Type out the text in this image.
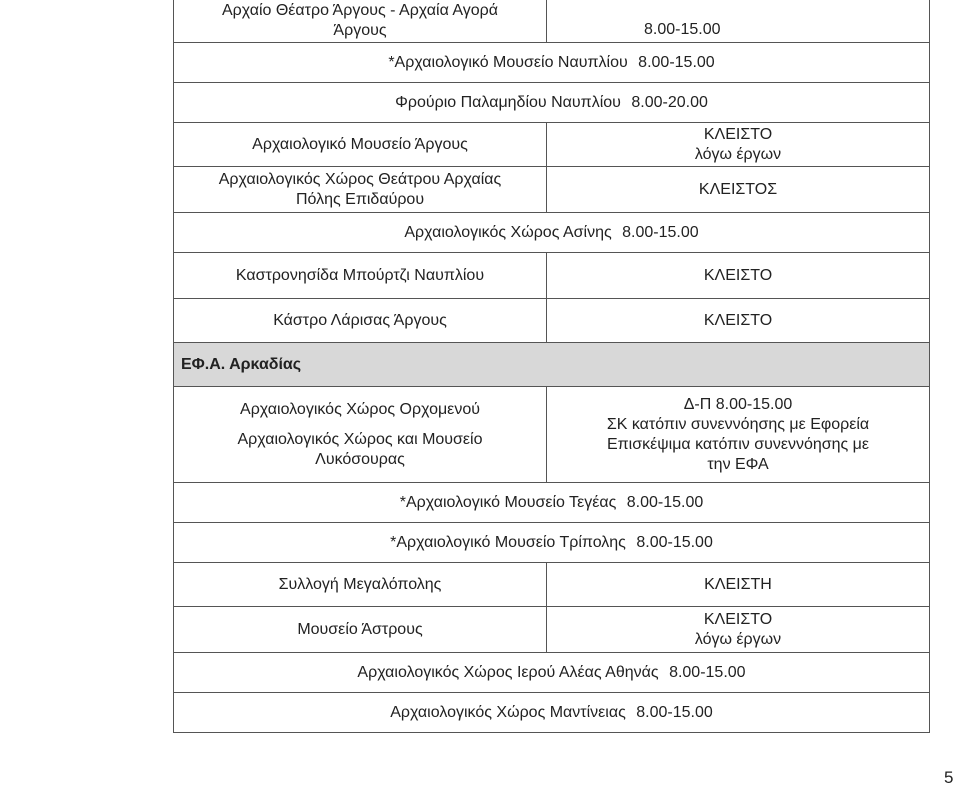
Αρχαίο Θέατρο Άργους - Αρχαία Αγορά
Άργους	8.00-15.00

*Αρχαιολογικό Μουσείο Ναυπλίου 8.00-15.00	
Φρούριο Παλαμηδίου Ναυπλίου 8.00-20.00	

Αρχαιολογικό Μουσείο Άργους	ΚΛΕΙΣΤΟ
λόγω έργων

Αρχαιολογικός Χώρος Θεάτρου Αρχαίας
Πόλης Επιδαύρου	ΚΛΕΙΣΤΟΣ

Αρχαιολογικός Χώρος Ασίνης 8.00-15.00	

Καστρονησίδα Μπούρτζι Ναυπλίου	ΚΛΕΙΣΤΟ

Κάστρο Λάρισας Άργους	ΚΛΕΙΣΤΟ

ΕΦ.Α. Αρκαδίας	

Αρχαιολογικός Χώρος Ορχομενού
Αρχαιολογικός Χώρος και Μουσείο
Λυκόσουρας	Δ-Π 8.00-15.00
ΣΚ κατόπιν συνεννόησης με Εφορεία
Επισκέψιμα κατόπιν συνεννόησης με
την ΕΦΑ

*Αρχαιολογικό Μουσείο Τεγέας 8.00-15.00	
*Αρχαιολογικό Μουσείο Τρίπολης 8.00-15.00	

Συλλογή Μεγαλόπολης	ΚΛΕΙΣΤΗ

Μουσείο Άστρους	ΚΛΕΙΣΤΟ
λόγω έργων

Αρχαιολογικός Χώρος Ιερού Αλέας Αθηνάς 8.00-15.00	
Αρχαιολογικός Χώρος Μαντίνειας 8.00-15.00	
5
